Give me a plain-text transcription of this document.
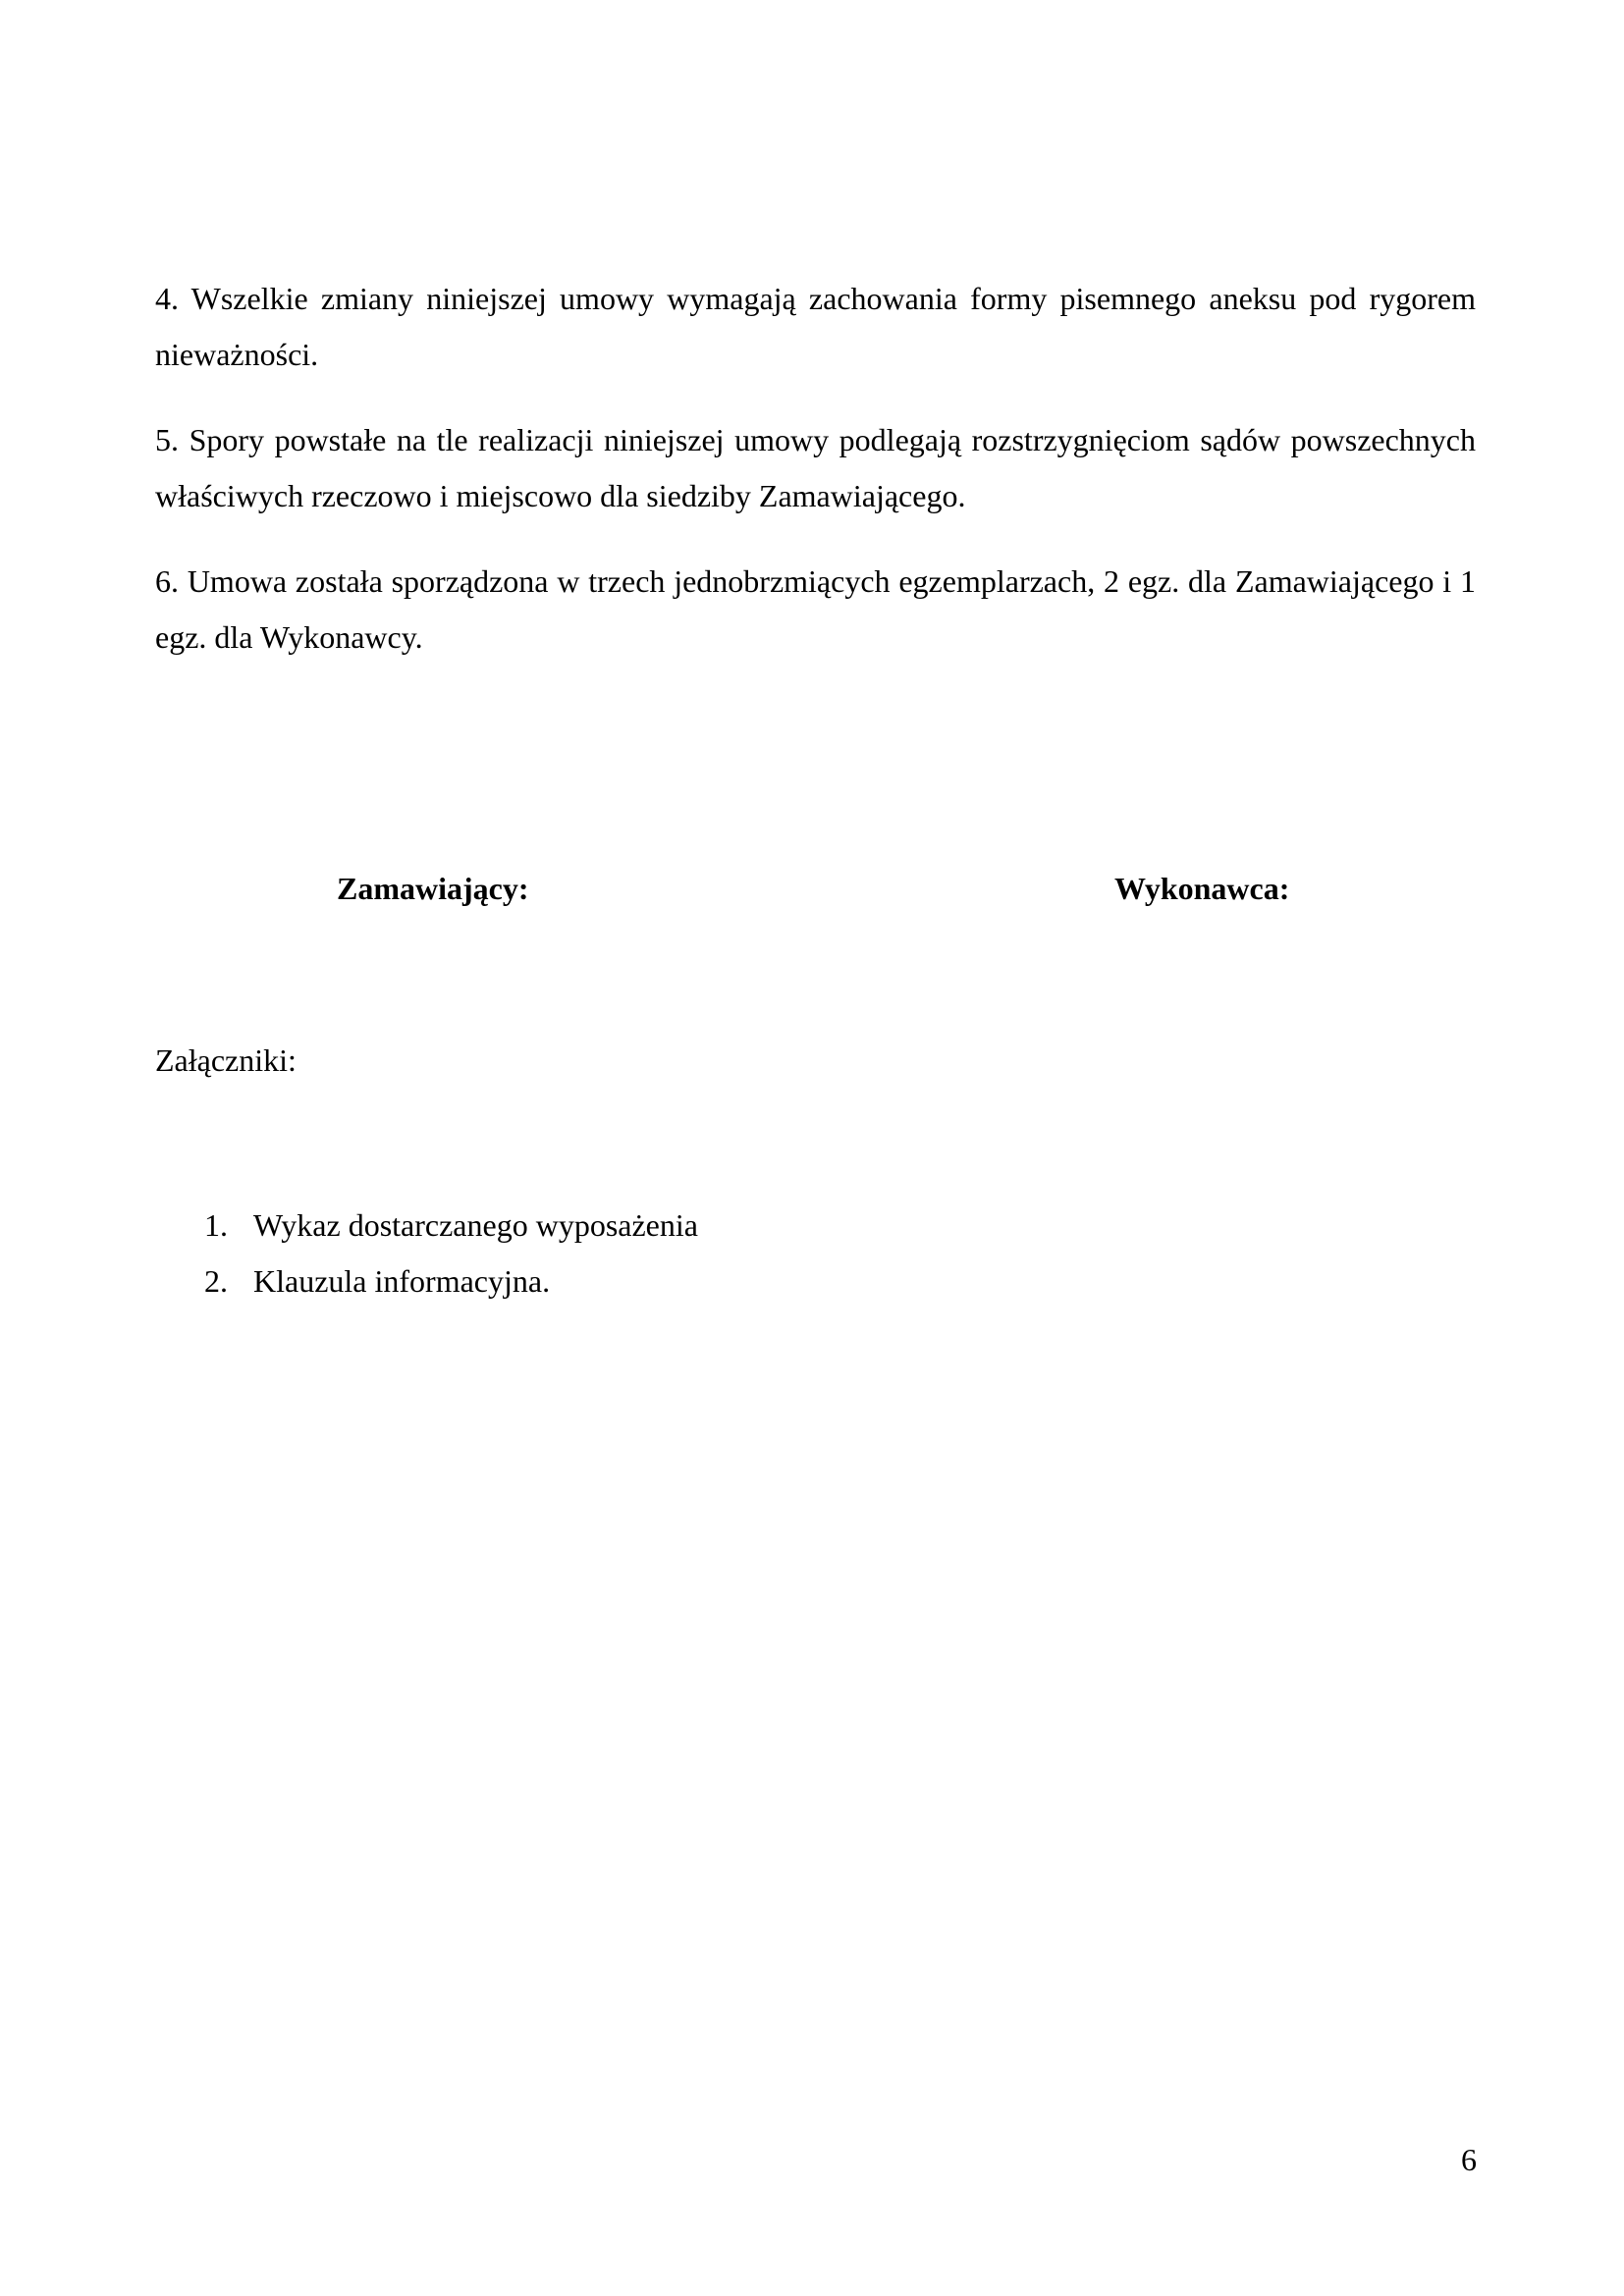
4. Wszelkie zmiany niniejszej umowy wymagają zachowania formy pisemnego aneksu pod rygorem nieważności.

5. Spory powstałe na tle realizacji niniejszej umowy podlegają rozstrzygnięciom sądów powszechnych właściwych rzeczowo i miejscowo dla siedziby Zamawiającego.

6. Umowa została sporządzona w trzech jednobrzmiących egzemplarzach, 2 egz. dla Zamawiającego i 1 egz. dla Wykonawcy.

Zamawiający:	Wykonawca:

Załączniki:

1. Wykaz dostarczanego wyposażenia
2. Klauzula informacyjna.

6
